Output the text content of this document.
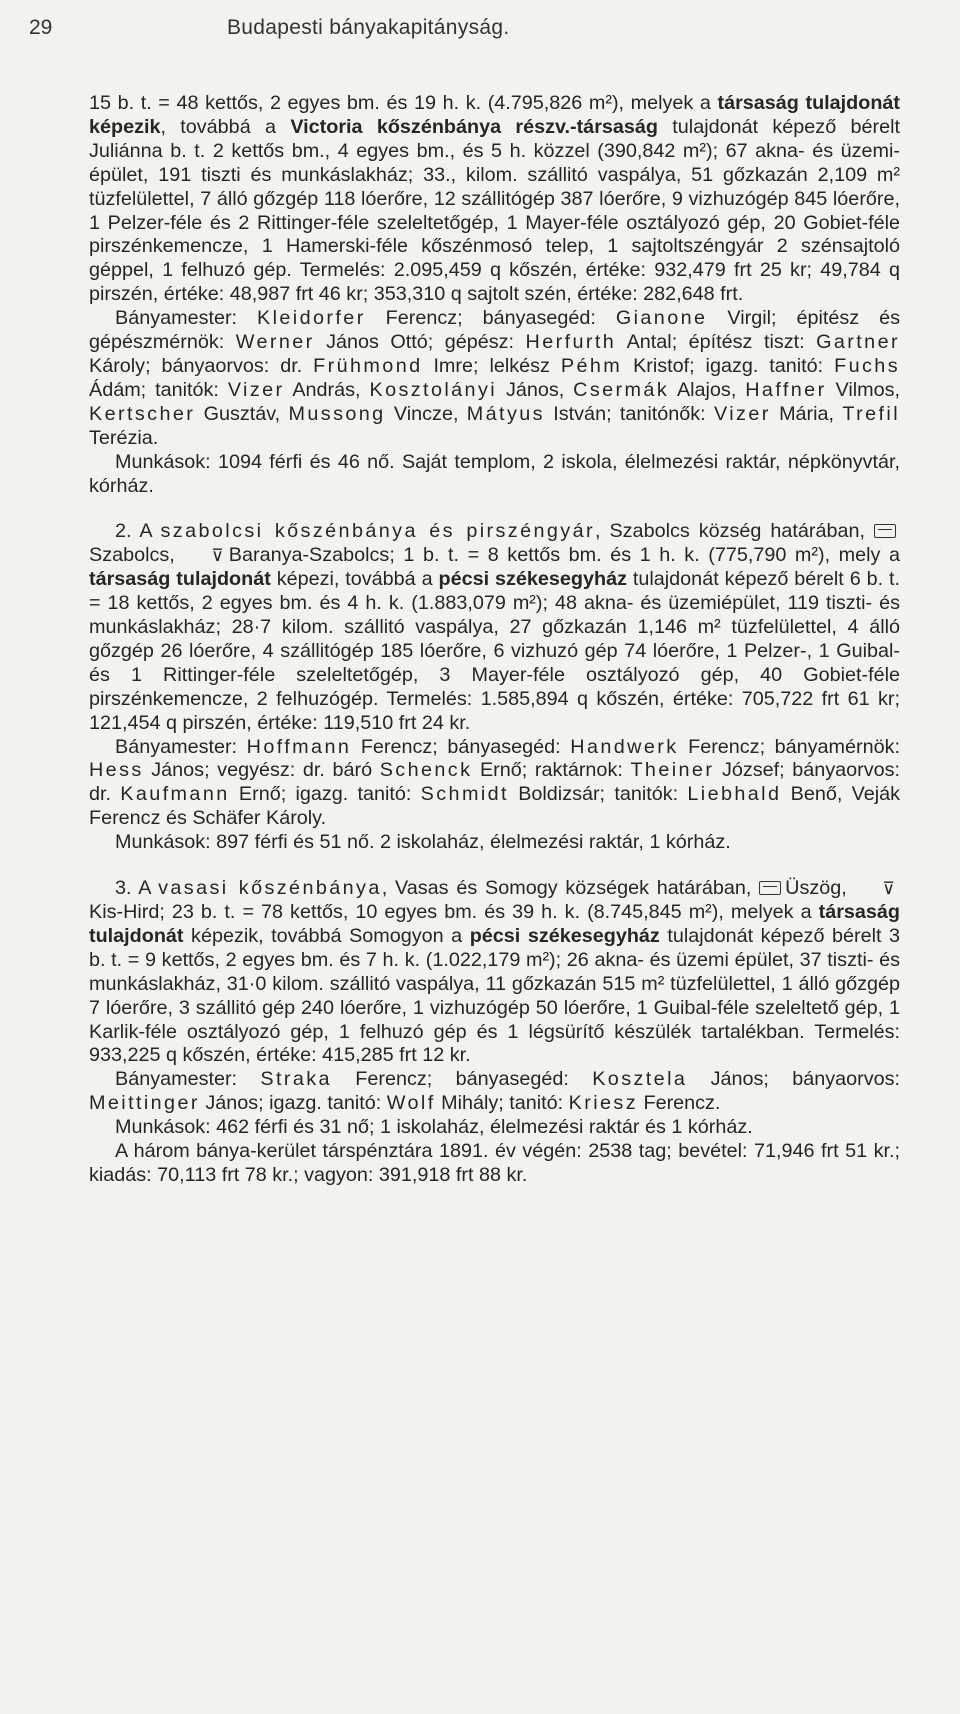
29	Budapesti bányakapitányság.

15 b. t. = 48 kettős, 2 egyes bm. és 19 h. k. (4.795,826 m²), melyek a társaság tulajdonát képezik, továbbá a Victoria kőszénbánya részv.-társaság tulajdonát képező bérelt Juliánna b. t. 2 kettős bm., 4 egyes bm., és 5 h. közzel (390,842 m²); 67 akna- és üzemi-épület, 191 tiszti és munkáslakház; 33., kilom. szállitó vaspálya, 51 gőzkazán 2,109 m² tüzfelülettel, 7 álló gőzgép 118 lóerőre, 12 szállitógép 387 lóerőre, 9 vizhuzógép 845 lóerőre, 1 Pelzer-féle és 2 Rittinger-féle szeleltetőgép, 1 Mayer-féle osztályozó gép, 20 Gobiet-féle pirszénkemencze, 1 Hamerski-féle kőszénmosó telep, 1 sajtoltszéngyár 2 szénsajtoló géppel, 1 felhuzó gép. Termelés: 2.095,459 q kőszén, értéke: 932,479 frt 25 kr; 49,784 q pirszén, értéke: 48,987 frt 46 kr; 353,310 q sajtolt szén, értéke: 282,648 frt.

Bányamester: Kleidorfer Ferencz; bányasegéd: Gianone Virgil; épitész és gépészmérnök: Werner János Ottó; gépész: Herfurth Antal; építész tiszt: Gartner Károly; bányaorvos: dr. Frühmond Imre; lelkész Péhm Kristof; igazg. tanitó: Fuchs Ádám; tanitók: Vizer András, Kosztolányi János, Csermák Alajos, Haffner Vilmos, Kertscher Gusztáv, Mussong Vincze, Mátyus István; tanitónők: Vizer Mária, Trefil Terézia.

Munkások: 1094 férfi és 46 nő. Saját templom, 2 iskola, élelmezési raktár, népkönyvtár, kórház.

2. A szabolcsi kőszénbánya és pirszéngyár, Szabolcs község határában, Szabolcs, ⊽ Baranya-Szabolcs; 1 b. t. = 8 kettős bm. és 1 h. k. (775,790 m²), mely a társaság tulajdonát képezi, továbbá a pécsi székesegyház tulajdonát képező bérelt 6 b. t. = 18 kettős, 2 egyes bm. és 4 h. k. (1.883,079 m²); 48 akna- és üzemiépület, 119 tiszti- és munkáslakház; 28·7 kilom. szállitó vaspálya, 27 gőzkazán 1,146 m² tüzfelülettel, 4 álló gőzgép 26 lóerőre, 4 szállitógép 185 lóerőre, 6 vizhuzó gép 74 lóerőre, 1 Pelzer-, 1 Guibal- és 1 Rittinger-féle szeleltetőgép, 3 Mayer-féle osztályozó gép, 40 Gobiet-féle pirszénkemencze, 2 felhuzógép. Termelés: 1.585,894 q kőszén, értéke: 705,722 frt 61 kr; 121,454 q pirszén, értéke: 119,510 frt 24 kr.

Bányamester: Hoffmann Ferencz; bányasegéd: Handwerk Ferencz; bányamérnök: Hess János; vegyész: dr. báró Schenck Ernő; raktárnok: Theiner József; bányaorvos: dr. Kaufmann Ernő; igazg. tanitó: Schmidt Boldizsár; tanitók: Liebhald Benő, Veják Ferencz és Schäfer Károly.

Munkások: 897 férfi és 51 nő. 2 iskolaház, élelmezési raktár, 1 kórház.

3. A vasasi kőszénbánya, Vasas és Somogy községek határában, Üszög, ⊽Kis-Hird; 23 b. t. = 78 kettős, 10 egyes bm. és 39 h. k. (8.745,845 m²), melyek a társaság tulajdonát képezik, továbbá Somogyon a pécsi székesegyház tulajdonát képező bérelt 3 b. t. = 9 kettős, 2 egyes bm. és 7 h. k. (1.022,179 m²); 26 akna- és üzemi épület, 37 tiszti- és munkáslakház, 31·0 kilom. szállitó vaspálya, 11 gőzkazán 515 m² tüzfelülettel, 1 álló gőzgép 7 lóerőre, 3 szállitó gép 240 lóerőre, 1 vizhuzógép 50 lóerőre, 1 Guibal-féle szeleltető gép, 1 Karlik-féle osztályozó gép, 1 felhuzó gép és 1 légsürítő készülék tartalékban. Termelés: 933,225 q kőszén, értéke: 415,285 frt 12 kr.

Bányamester: Straka Ferencz; bányasegéd: Kosztela János; bányaorvos: Meittinger János; igazg. tanitó: Wolf Mihály; tanitó: Kriesz Ferencz.

Munkások: 462 férfi és 31 nő; 1 iskolaház, élelmezési raktár és 1 kórház.

A három bánya-kerület társpénztára 1891. év végén: 2538 tag; bevétel: 71,946 frt 51 kr.; kiadás: 70,113 frt 78 kr.; vagyon: 391,918 frt 88 kr.
